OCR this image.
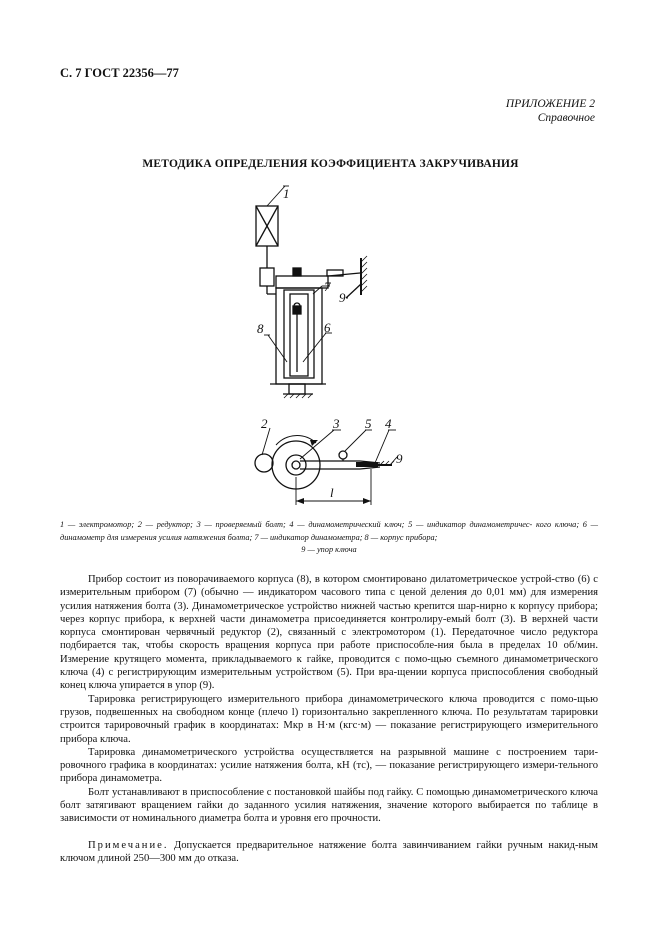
С. 7 ГОСТ 22356—77
ПРИЛОЖЕНИЕ 2
Справочное
МЕТОДИКА ОПРЕДЕЛЕНИЯ КОЭФФИЦИЕНТА ЗАКРУЧИВАНИЯ
1
2	3	4
5
6
7
8
9
9
l
1 — электромотор; 2 — редуктор; 3 — проверяемый болт; 4 — динамометрический ключ; 5 — индикатор динамометричес- кого ключа; 6 — динамометр для измерения усилия натяжения болта; 7 — индикатор динамометра; 8 — корпус прибора;
9 — упор ключа

Прибор состоит из поворачиваемого корпуса (8), в котором смонтировано дилатометрическое устрой-ство (6) с измерительным прибором (7) (обычно — индикатором часового типа с ценой деления до 0,01 мм) для измерения усилия натяжения болта (3). Динамометрическое устройство нижней частью крепится шар-нирно к корпусу прибора; через корпус прибора, к верхней части динамометра присоединяется контролиру-емый болт (3). В верхней части корпуса смонтирован червячный редуктор (2), связанный с электромотором (1). Передаточное число редуктора подбирается так, чтобы скорость вращения корпуса при работе приспособле-ния была в пределах 10 об/мин. Измерение крутящего момента, прикладываемого к гайке, проводится с помо-щью съемного динамометрического ключа (4) с регистрирующим измерительным устройством (5). При вра-щении корпуса приспособления свободный конец ключа упирается в упор (9).

Тарировка регистрирующего измерительного прибора динамометрического ключа проводится с помо-щью грузов, подвешенных на свободном конце (плечо l) горизонтально закрепленного ключа. По результатам тарировки строится тарировочный график в координатах: Mкр в Н·м (кгс·м) — показание регистрирующего измерительного прибора ключа.

Тарировка динамометрического устройства осуществляется на разрывной машине с построением тари-ровочного графика в координатах: усилие натяжения болта, кН (тс), — показание регистрирующего измери-тельного прибора динамометра.

Болт устанавливают в приспособление с постановкой шайбы под гайку. С помощью динамометрического ключа болт затягивают вращением гайки до заданного усилия натяжения, значение которого выбирается по таблице в зависимости от номинального диаметра болта и уровня его прочности.

Примечание. Допускается предварительное натяжение болта завинчиванием гайки ручным накид-ным ключом длиной 250—300 мм до отказа.
